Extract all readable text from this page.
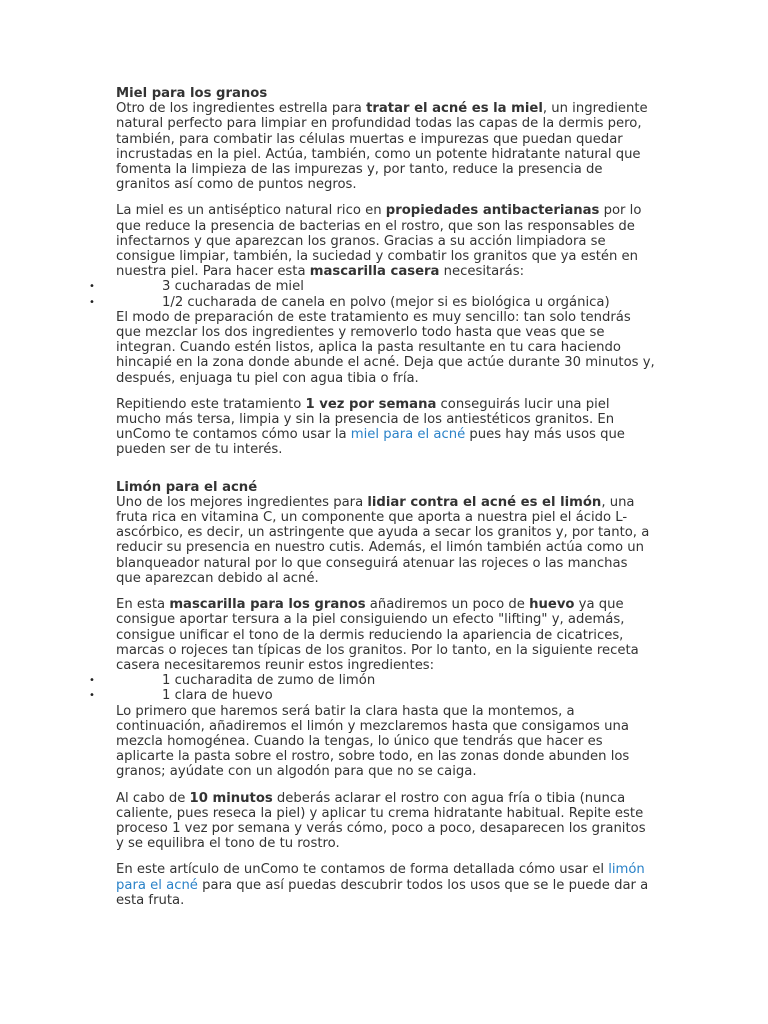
Miel para los granos

Otro de los ingredientes estrella para tratar el acné es la miel, un ingrediente natural perfecto para limpiar en profundidad todas las capas de la dermis pero, también, para combatir las células muertas e impurezas que puedan quedar incrustadas en la piel. Actúa, también, como un potente hidratante natural que fomenta la limpieza de las impurezas y, por tanto, reduce la presencia de granitos así como de puntos negros.

La miel es un antiséptico natural rico en propiedades antibacterianas por lo que reduce la presencia de bacterias en el rostro, que son las responsables de infectarnos y que aparezcan los granos. Gracias a su acción limpiadora se consigue limpiar, también, la suciedad y combatir los granitos que ya estén en nuestra piel. Para hacer esta mascarilla casera necesitarás:

•	3 cucharadas de miel
•	1/2 cucharada de canela en polvo (mejor si es biológica u orgánica)

El modo de preparación de este tratamiento es muy sencillo: tan solo tendrás que mezclar los dos ingredientes y removerlo todo hasta que veas que se integran. Cuando estén listos, aplica la pasta resultante en tu cara haciendo hincapié en la zona donde abunde el acné. Deja que actúe durante 30 minutos y, después, enjuaga tu piel con agua tibia o fría.

Repitiendo este tratamiento 1 vez por semana conseguirás lucir una piel mucho más tersa, limpia y sin la presencia de los antiestéticos granitos. En unComo te contamos cómo usar la miel para el acné pues hay más usos que pueden ser de tu interés.

Limón para el acné

Uno de los mejores ingredientes para lidiar contra el acné es el limón, una fruta rica en vitamina C, un componente que aporta a nuestra piel el ácido L-ascórbico, es decir, un astringente que ayuda a secar los granitos y, por tanto, a reducir su presencia en nuestro cutis. Además, el limón también actúa como un blanqueador natural por lo que conseguirá atenuar las rojeces o las manchas que aparezcan debido al acné.

En esta mascarilla para los granos añadiremos un poco de huevo ya que consigue aportar tersura a la piel consiguiendo un efecto "lifting" y, además, consigue unificar el tono de la dermis reduciendo la apariencia de cicatrices, marcas o rojeces tan típicas de los granitos. Por lo tanto, en la siguiente receta casera necesitaremos reunir estos ingredientes:

•	1 cucharadita de zumo de limón
•	1 clara de huevo

Lo primero que haremos será batir la clara hasta que la montemos, a continuación, añadiremos el limón y mezclaremos hasta que consigamos una mezcla homogénea. Cuando la tengas, lo único que tendrás que hacer es aplicarte la pasta sobre el rostro, sobre todo, en las zonas donde abunden los granos; ayúdate con un algodón para que no se caiga.

Al cabo de 10 minutos deberás aclarar el rostro con agua fría o tibia (nunca caliente, pues reseca la piel) y aplicar tu crema hidratante habitual. Repite este proceso 1 vez por semana y verás cómo, poco a poco, desaparecen los granitos y se equilibra el tono de tu rostro.

En este artículo de unComo te contamos de forma detallada cómo usar el limón para el acné para que así puedas descubrir todos los usos que se le puede dar a esta fruta.
